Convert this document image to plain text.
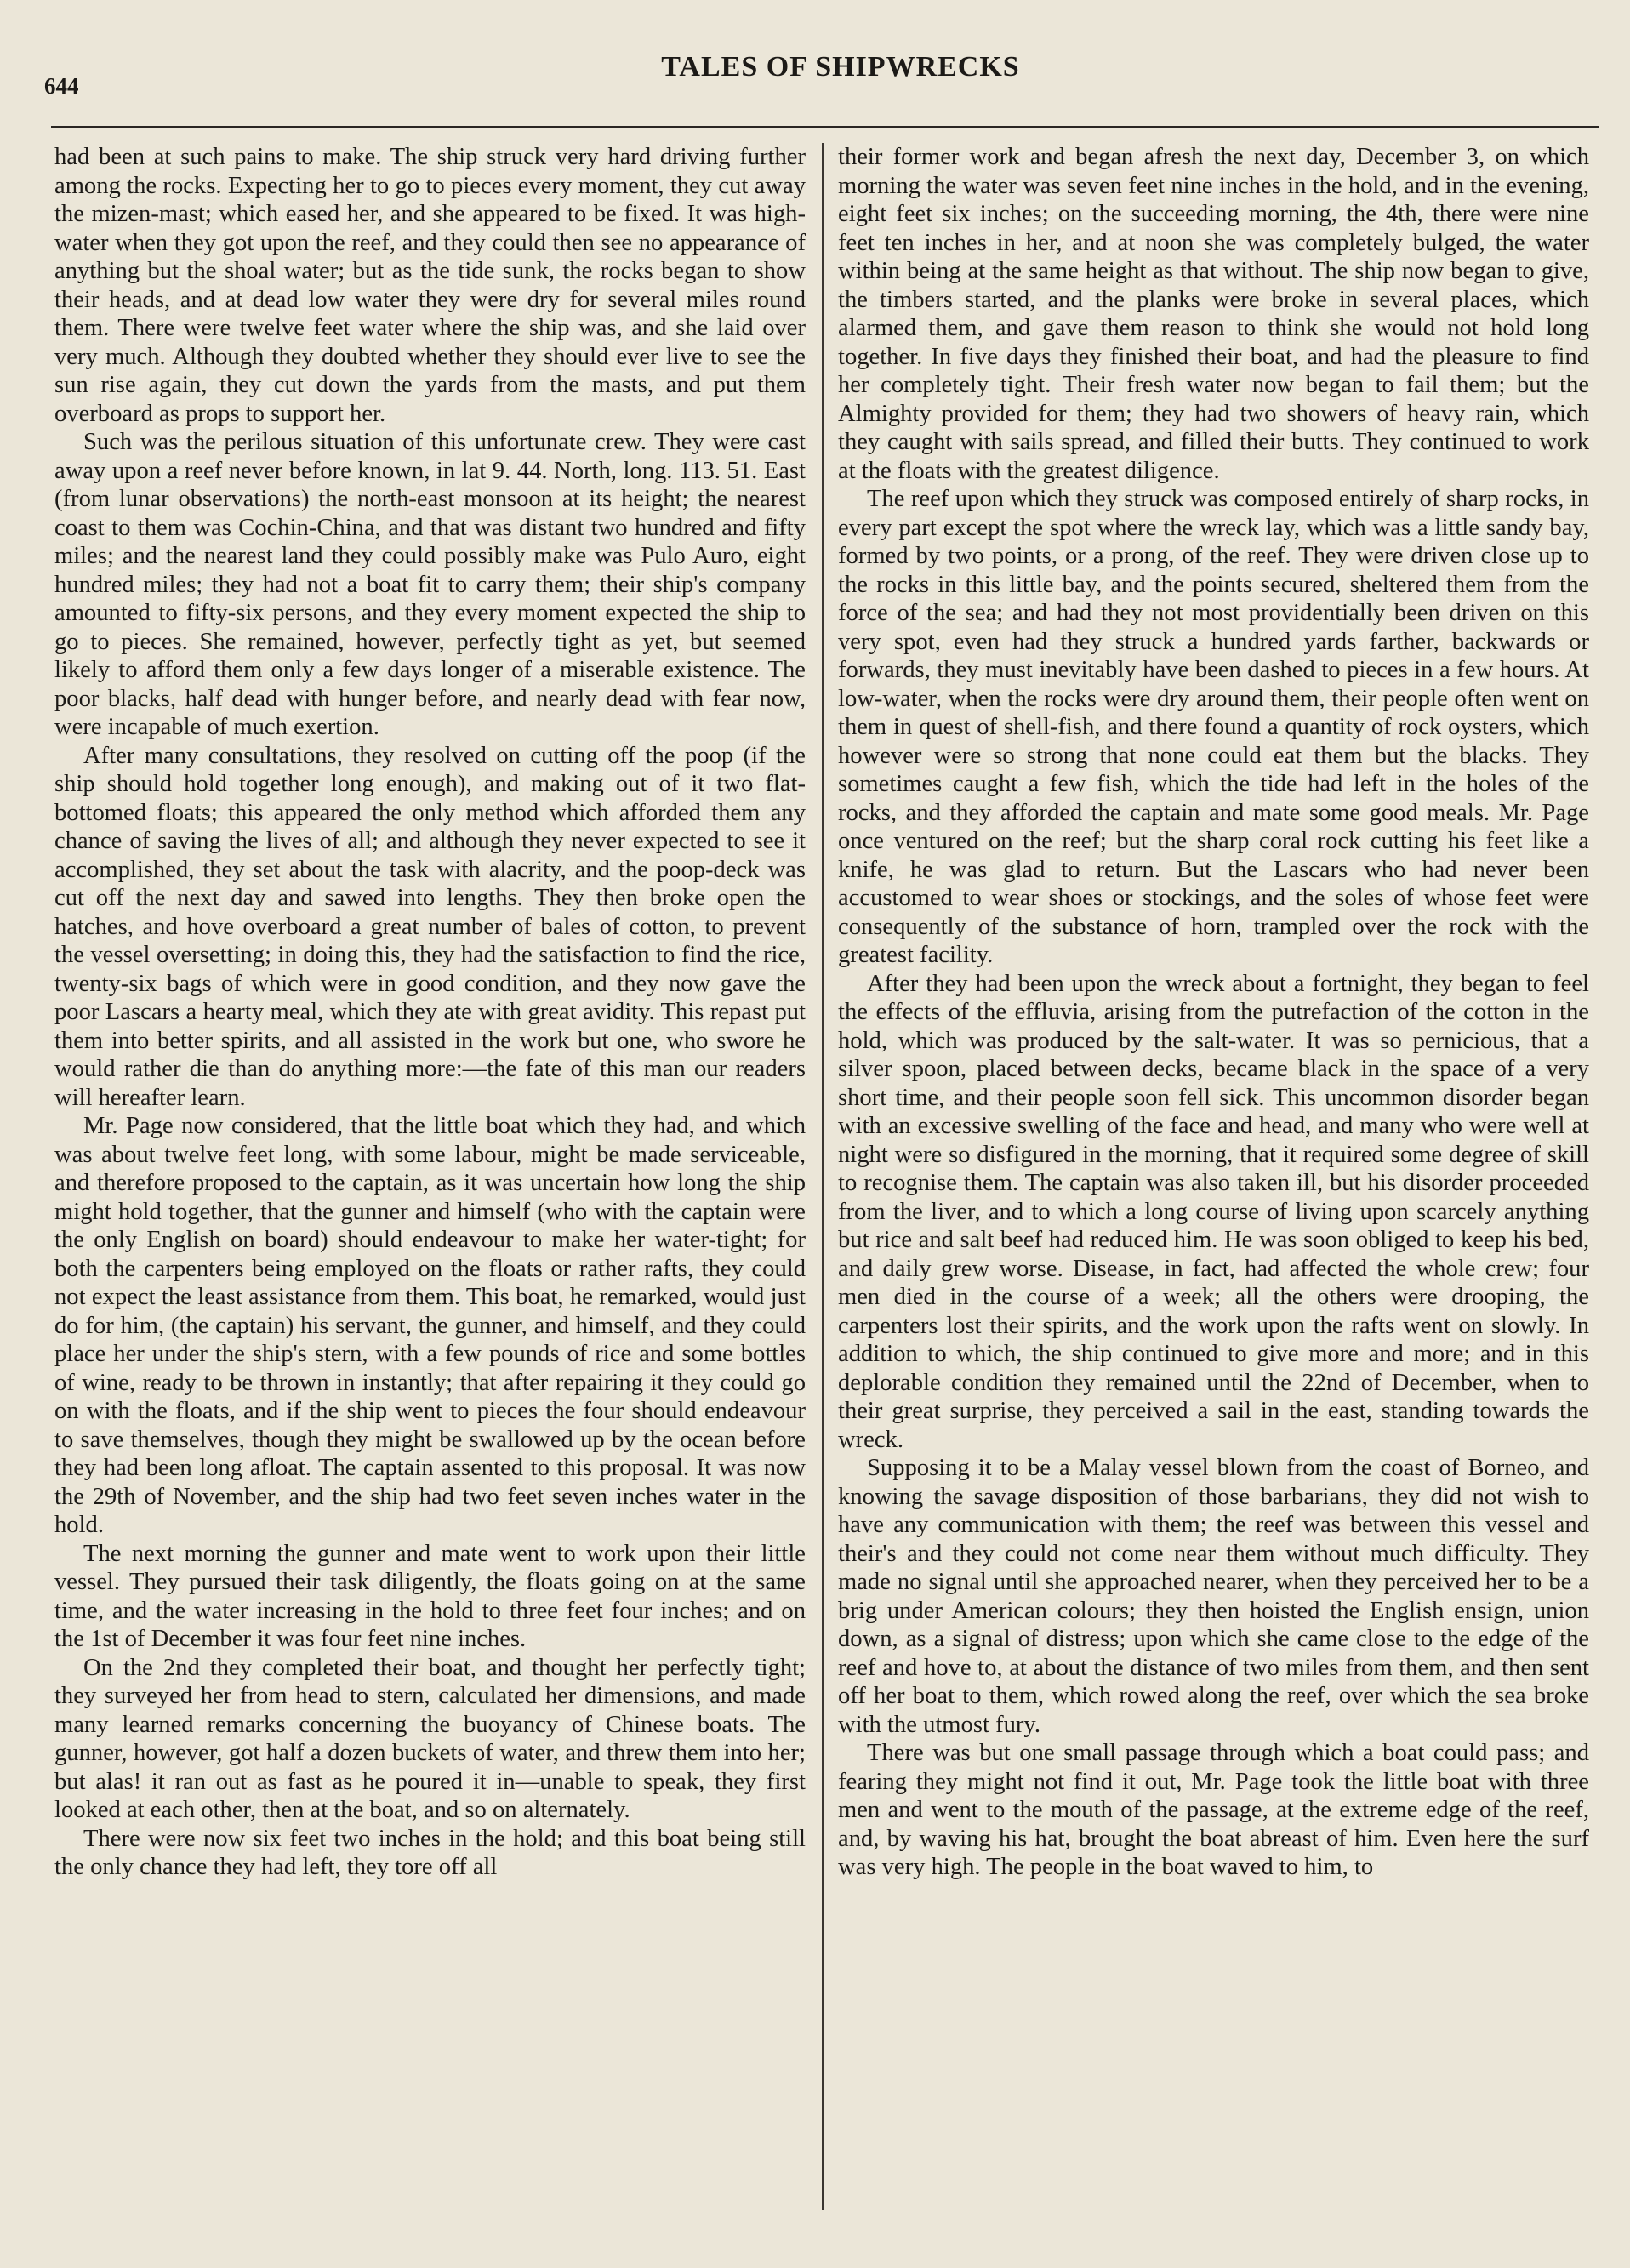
644
TALES OF SHIPWRECKS

had been at such pains to make. The ship struck very hard driving further among the rocks. Expecting her to go to pieces every moment, they cut away the mizen-mast; which eased her, and she appeared to be fixed. It was high-water when they got upon the reef, and they could then see no appearance of anything but the shoal water; but as the tide sunk, the rocks began to show their heads, and at dead low water they were dry for several miles round them. There were twelve feet water where the ship was, and she laid over very much. Although they doubted whether they should ever live to see the sun rise again, they cut down the yards from the masts, and put them overboard as props to support her.

Such was the perilous situation of this unfortunate crew. They were cast away upon a reef never before known, in lat 9. 44. North, long. 113. 51. East (from lunar observations) the north-east monsoon at its height; the nearest coast to them was Cochin-China, and that was distant two hundred and fifty miles; and the nearest land they could possibly make was Pulo Auro, eight hundred miles; they had not a boat fit to carry them; their ship's company amounted to fifty-six persons, and they every moment expected the ship to go to pieces. She remained, however, perfectly tight as yet, but seemed likely to afford them only a few days longer of a miserable existence. The poor blacks, half dead with hunger before, and nearly dead with fear now, were incapable of much exertion.

After many consultations, they resolved on cutting off the poop (if the ship should hold together long enough), and making out of it two flat-bottomed floats; this appeared the only method which afforded them any chance of saving the lives of all; and although they never expected to see it accomplished, they set about the task with alacrity, and the poop-deck was cut off the next day and sawed into lengths. They then broke open the hatches, and hove overboard a great number of bales of cotton, to prevent the vessel oversetting; in doing this, they had the satisfaction to find the rice, twenty-six bags of which were in good condition, and they now gave the poor Lascars a hearty meal, which they ate with great avidity. This repast put them into better spirits, and all assisted in the work but one, who swore he would rather die than do anything more:—the fate of this man our readers will hereafter learn.

Mr. Page now considered, that the little boat which they had, and which was about twelve feet long, with some labour, might be made serviceable, and therefore proposed to the captain, as it was uncertain how long the ship might hold together, that the gunner and himself (who with the captain were the only English on board) should endeavour to make her water-tight; for both the carpenters being employed on the floats or rather rafts, they could not expect the least assistance from them. This boat, he remarked, would just do for him, (the captain) his servant, the gunner, and himself, and they could place her under the ship's stern, with a few pounds of rice and some bottles of wine, ready to be thrown in instantly; that after repairing it they could go on with the floats, and if the ship went to pieces the four should endeavour to save themselves, though they might be swallowed up by the ocean before they had been long afloat. The captain assented to this proposal. It was now the 29th of November, and the ship had two feet seven inches water in the hold.

The next morning the gunner and mate went to work upon their little vessel. They pursued their task diligently, the floats going on at the same time, and the water increasing in the hold to three feet four inches; and on the 1st of December it was four feet nine inches.

On the 2nd they completed their boat, and thought her perfectly tight; they surveyed her from head to stern, calculated her dimensions, and made many learned remarks concerning the buoyancy of Chinese boats. The gunner, however, got half a dozen buckets of water, and threw them into her; but alas! it ran out as fast as he poured it in—unable to speak, they first looked at each other, then at the boat, and so on alternately.

There were now six feet two inches in the hold; and this boat being still the only chance they had left, they tore off all

their former work and began afresh the next day, December 3, on which morning the water was seven feet nine inches in the hold, and in the evening, eight feet six inches; on the succeeding morning, the 4th, there were nine feet ten inches in her, and at noon she was completely bulged, the water within being at the same height as that without. The ship now began to give, the timbers started, and the planks were broke in several places, which alarmed them, and gave them reason to think she would not hold long together. In five days they finished their boat, and had the pleasure to find her completely tight. Their fresh water now began to fail them; but the Almighty provided for them; they had two showers of heavy rain, which they caught with sails spread, and filled their butts. They continued to work at the floats with the greatest diligence.

The reef upon which they struck was composed entirely of sharp rocks, in every part except the spot where the wreck lay, which was a little sandy bay, formed by two points, or a prong, of the reef. They were driven close up to the rocks in this little bay, and the points secured, sheltered them from the force of the sea; and had they not most providentially been driven on this very spot, even had they struck a hundred yards farther, backwards or forwards, they must inevitably have been dashed to pieces in a few hours. At low-water, when the rocks were dry around them, their people often went on them in quest of shell-fish, and there found a quantity of rock oysters, which however were so strong that none could eat them but the blacks. They sometimes caught a few fish, which the tide had left in the holes of the rocks, and they afforded the captain and mate some good meals. Mr. Page once ventured on the reef; but the sharp coral rock cutting his feet like a knife, he was glad to return. But the Lascars who had never been accustomed to wear shoes or stockings, and the soles of whose feet were consequently of the substance of horn, trampled over the rock with the greatest facility.

After they had been upon the wreck about a fortnight, they began to feel the effects of the effluvia, arising from the putrefaction of the cotton in the hold, which was produced by the salt-water. It was so pernicious, that a silver spoon, placed between decks, became black in the space of a very short time, and their people soon fell sick. This uncommon disorder began with an excessive swelling of the face and head, and many who were well at night were so disfigured in the morning, that it required some degree of skill to recognise them. The captain was also taken ill, but his disorder proceeded from the liver, and to which a long course of living upon scarcely anything but rice and salt beef had reduced him. He was soon obliged to keep his bed, and daily grew worse. Disease, in fact, had affected the whole crew; four men died in the course of a week; all the others were drooping, the carpenters lost their spirits, and the work upon the rafts went on slowly. In addition to which, the ship continued to give more and more; and in this deplorable condition they remained until the 22nd of December, when to their great surprise, they perceived a sail in the east, standing towards the wreck.

Supposing it to be a Malay vessel blown from the coast of Borneo, and knowing the savage disposition of those barbarians, they did not wish to have any communication with them; the reef was between this vessel and their's and they could not come near them without much difficulty. They made no signal until she approached nearer, when they perceived her to be a brig under American colours; they then hoisted the English ensign, union down, as a signal of distress; upon which she came close to the edge of the reef and hove to, at about the distance of two miles from them, and then sent off her boat to them, which rowed along the reef, over which the sea broke with the utmost fury.

There was but one small passage through which a boat could pass; and fearing they might not find it out, Mr. Page took the little boat with three men and went to the mouth of the passage, at the extreme edge of the reef, and, by waving his hat, brought the boat abreast of him. Even here the surf was very high. The people in the boat waved to him, to
